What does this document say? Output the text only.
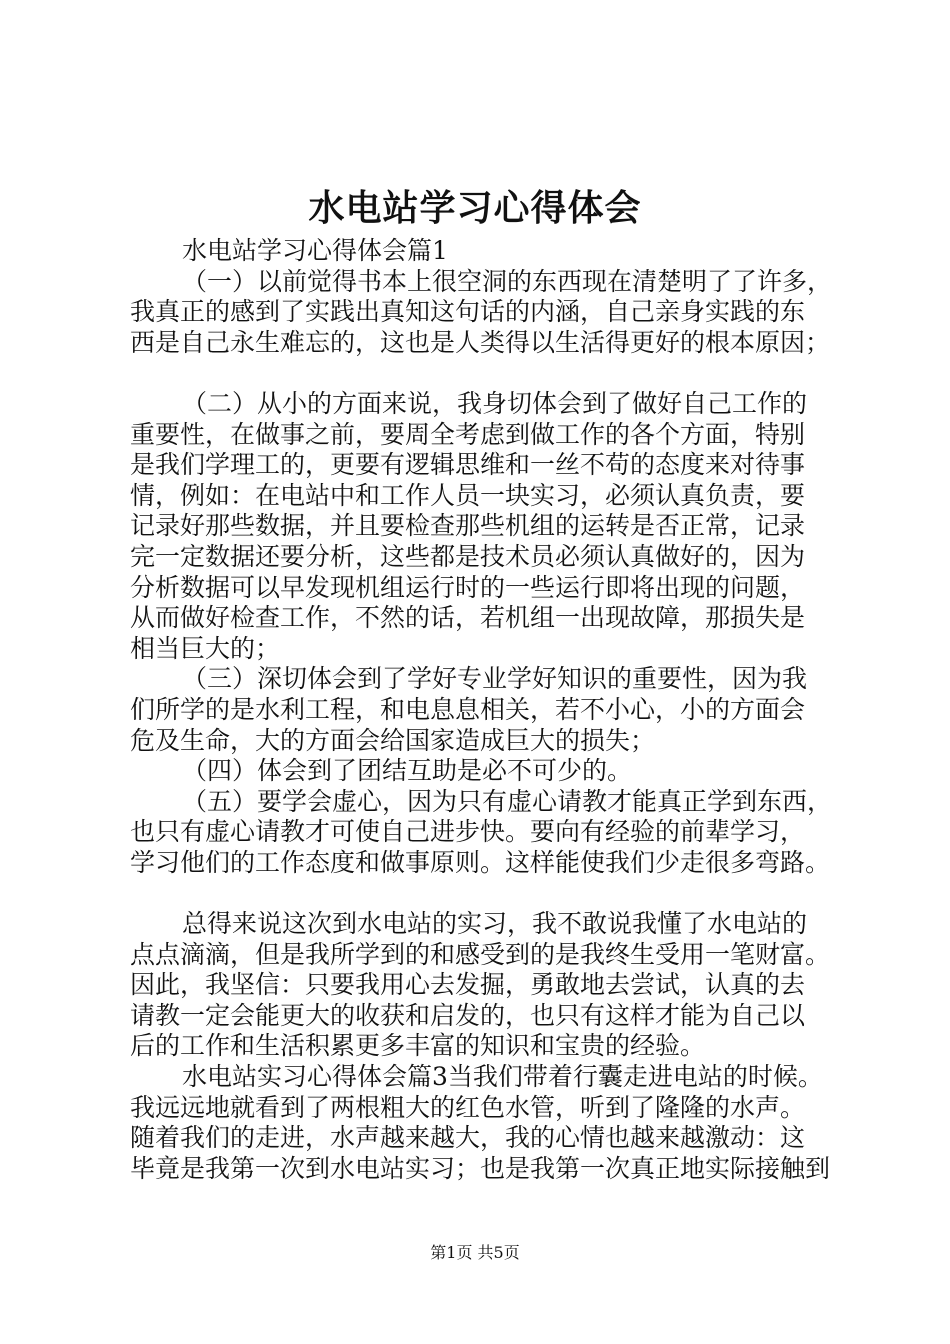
水电站学习心得体会
水电站学习心得体会篇1
（一）以前觉得书本上很空洞的东西现在清楚明了了许多，
我真正的感到了实践出真知这句话的内涵，自己亲身实践的东
西是自己永生难忘的，这也是人类得以生活得更好的根本原因；
（二）从小的方面来说，我身切体会到了做好自己工作的
重要性，在做事之前，要周全考虑到做工作的各个方面，特别
是我们学理工的，更要有逻辑思维和一丝不苟的态度来对待事
情，例如：在电站中和工作人员一块实习，必须认真负责，要
记录好那些数据，并且要检查那些机组的运转是否正常，记录
完一定数据还要分析，这些都是技术员必须认真做好的，因为
分析数据可以早发现机组运行时的一些运行即将出现的问题，
从而做好检查工作，不然的话，若机组一出现故障，那损失是
相当巨大的；
（三）深切体会到了学好专业学好知识的重要性，因为我
们所学的是水利工程，和电息息相关，若不小心，小的方面会
危及生命，大的方面会给国家造成巨大的损失；
（四）体会到了团结互助是必不可少的。
（五）要学会虚心，因为只有虚心请教才能真正学到东西，
也只有虚心请教才可使自己进步快。要向有经验的前辈学习，
学习他们的工作态度和做事原则。这样能使我们少走很多弯路。
总得来说这次到水电站的实习，我不敢说我懂了水电站的
点点滴滴，但是我所学到的和感受到的是我终生受用一笔财富。
因此，我坚信：只要我用心去发掘，勇敢地去尝试，认真的去
请教一定会能更大的收获和启发的，也只有这样才能为自己以
后的工作和生活积累更多丰富的知识和宝贵的经验。
水电站实习心得体会篇3当我们带着行囊走进电站的时候。
我远远地就看到了两根粗大的红色水管，听到了隆隆的水声。
随着我们的走进，水声越来越大，我的心情也越来越激动：这
毕竟是我第一次到水电站实习；也是我第一次真正地实际接触到
第1页 共5页
